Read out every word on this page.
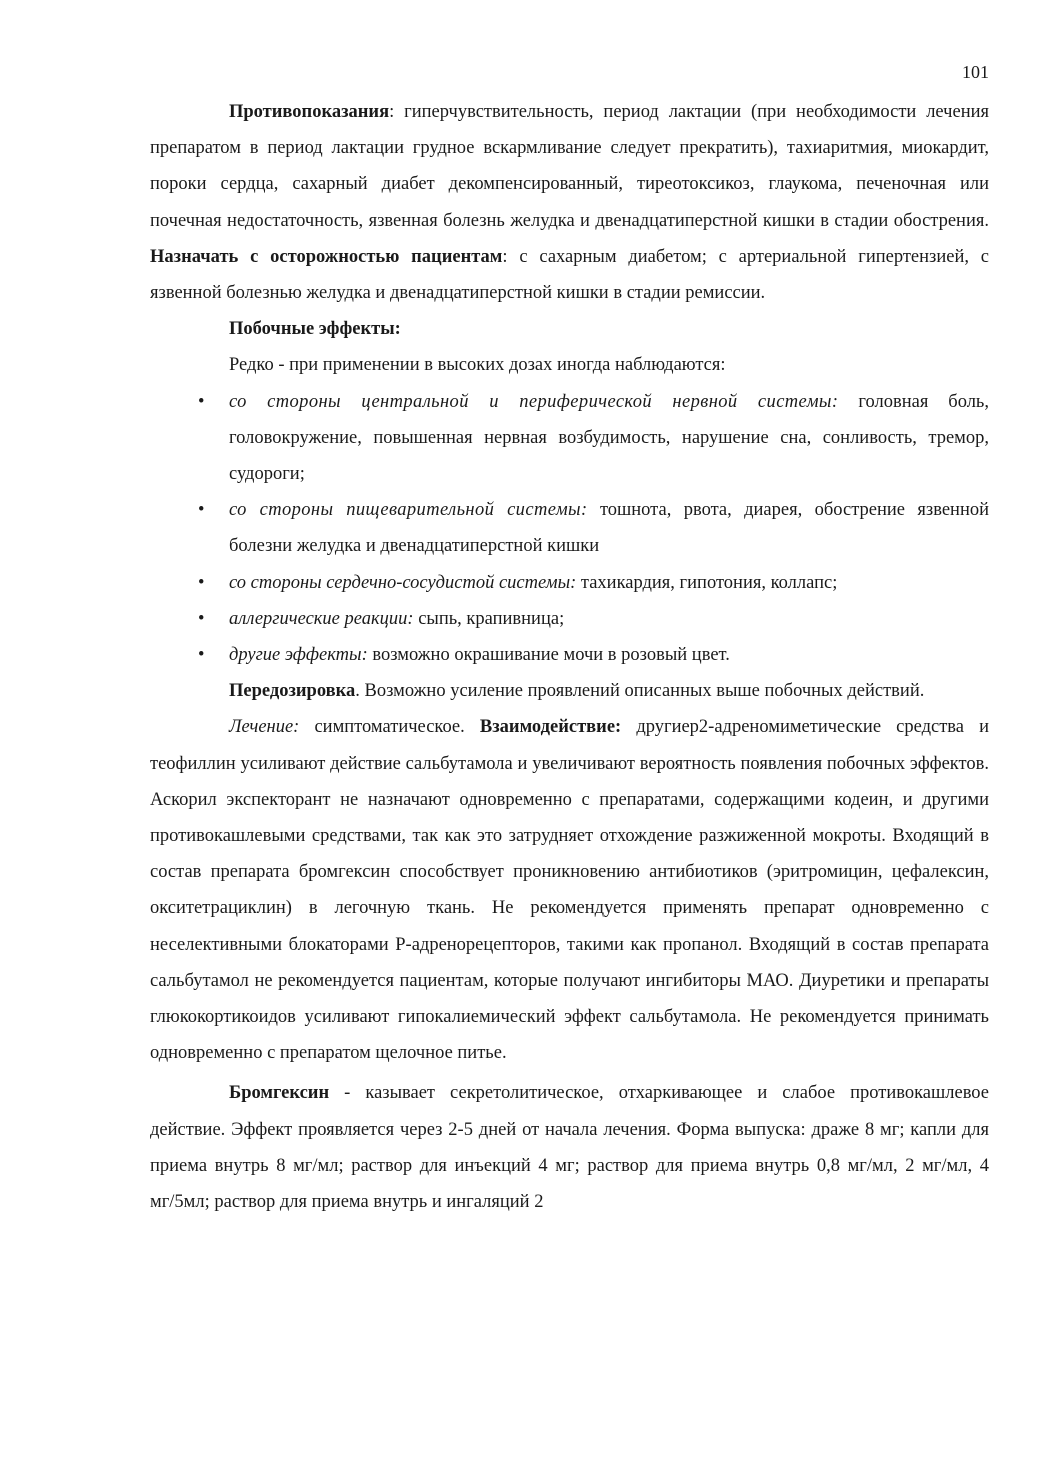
101

Противопоказания: гиперчувствительность, период лактации (при необходимости лечения препаратом в период лактации грудное вскармливание следует прекратить), тахиаритмия, миокардит, пороки сердца, сахарный диабет декомпенсированный, тиреотоксикоз, глаукома, печеночная или почечная недостаточность, язвенная болезнь желудка и двенадцатиперстной кишки в стадии обострения. Назначать с осторожностью пациентам: с сахарным диабетом; с артериальной гипертензией, с язвенной болезнью желудка и двенадцатиперстной кишки в стадии ремиссии.

Побочные эффекты:

Редко - при применении в высоких дозах иногда наблюдаются:

• со стороны центральной и периферической нервной системы: головная боль, головокружение, повышенная нервная возбудимость, нарушение сна, сонливость, тремор, судороги;
• со стороны пищеварительной системы: тошнота, рвота, диарея, обострение язвенной болезни желудка и двенадцатиперстной кишки
• со стороны сердечно-сосудистой системы: тахикардия, гипотония, коллапс;
• аллергические реакции: сыпь, крапивница;
• другие эффекты: возможно окрашивание мочи в розовый цвет.

Передозировка. Возможно усиление проявлений описанных выше побочных действий.

Лечение: симптоматическое. Взаимодействие: другиеp2-адреномиметические средства и теофиллин усиливают действие сальбутамола и увеличивают вероятность появления побочных эффектов. Аскорил экспекторант не назначают одновременно с препаратами, содержащими кодеин, и другими противокашлевыми средствами, так как это затрудняет отхождение разжиженной мокроты. Входящий в состав препарата бромгексин способствует проникновению антибиотиков (эритромицин, цефалексин, окситетрациклин) в легочную ткань. Не рекомендуется применять препарат одновременно с неселективными блокаторами Р-адренорецепторов, такими как пропанол. Входящий в состав препарата сальбутамол не рекомендуется пациентам, которые получают ингибиторы МАО. Диуретики и препараты глюкокортикоидов усиливают гипокалиемический эффект сальбутамола. Не рекомендуется принимать одновременно с препаратом щелочное питье.

Бромгексин - казывает секретолитическое, отхаркивающее и слабое противокашлевое действие. Эффект проявляется через 2-5 дней от начала лечения. Форма выпуска: драже 8 мг; капли для приема внутрь 8 мг/мл; раствор для инъекций 4 мг; раствор для приема внутрь 0,8 мг/мл, 2 мг/мл, 4 мг/5мл; раствор для приема внутрь и ингаляций 2
